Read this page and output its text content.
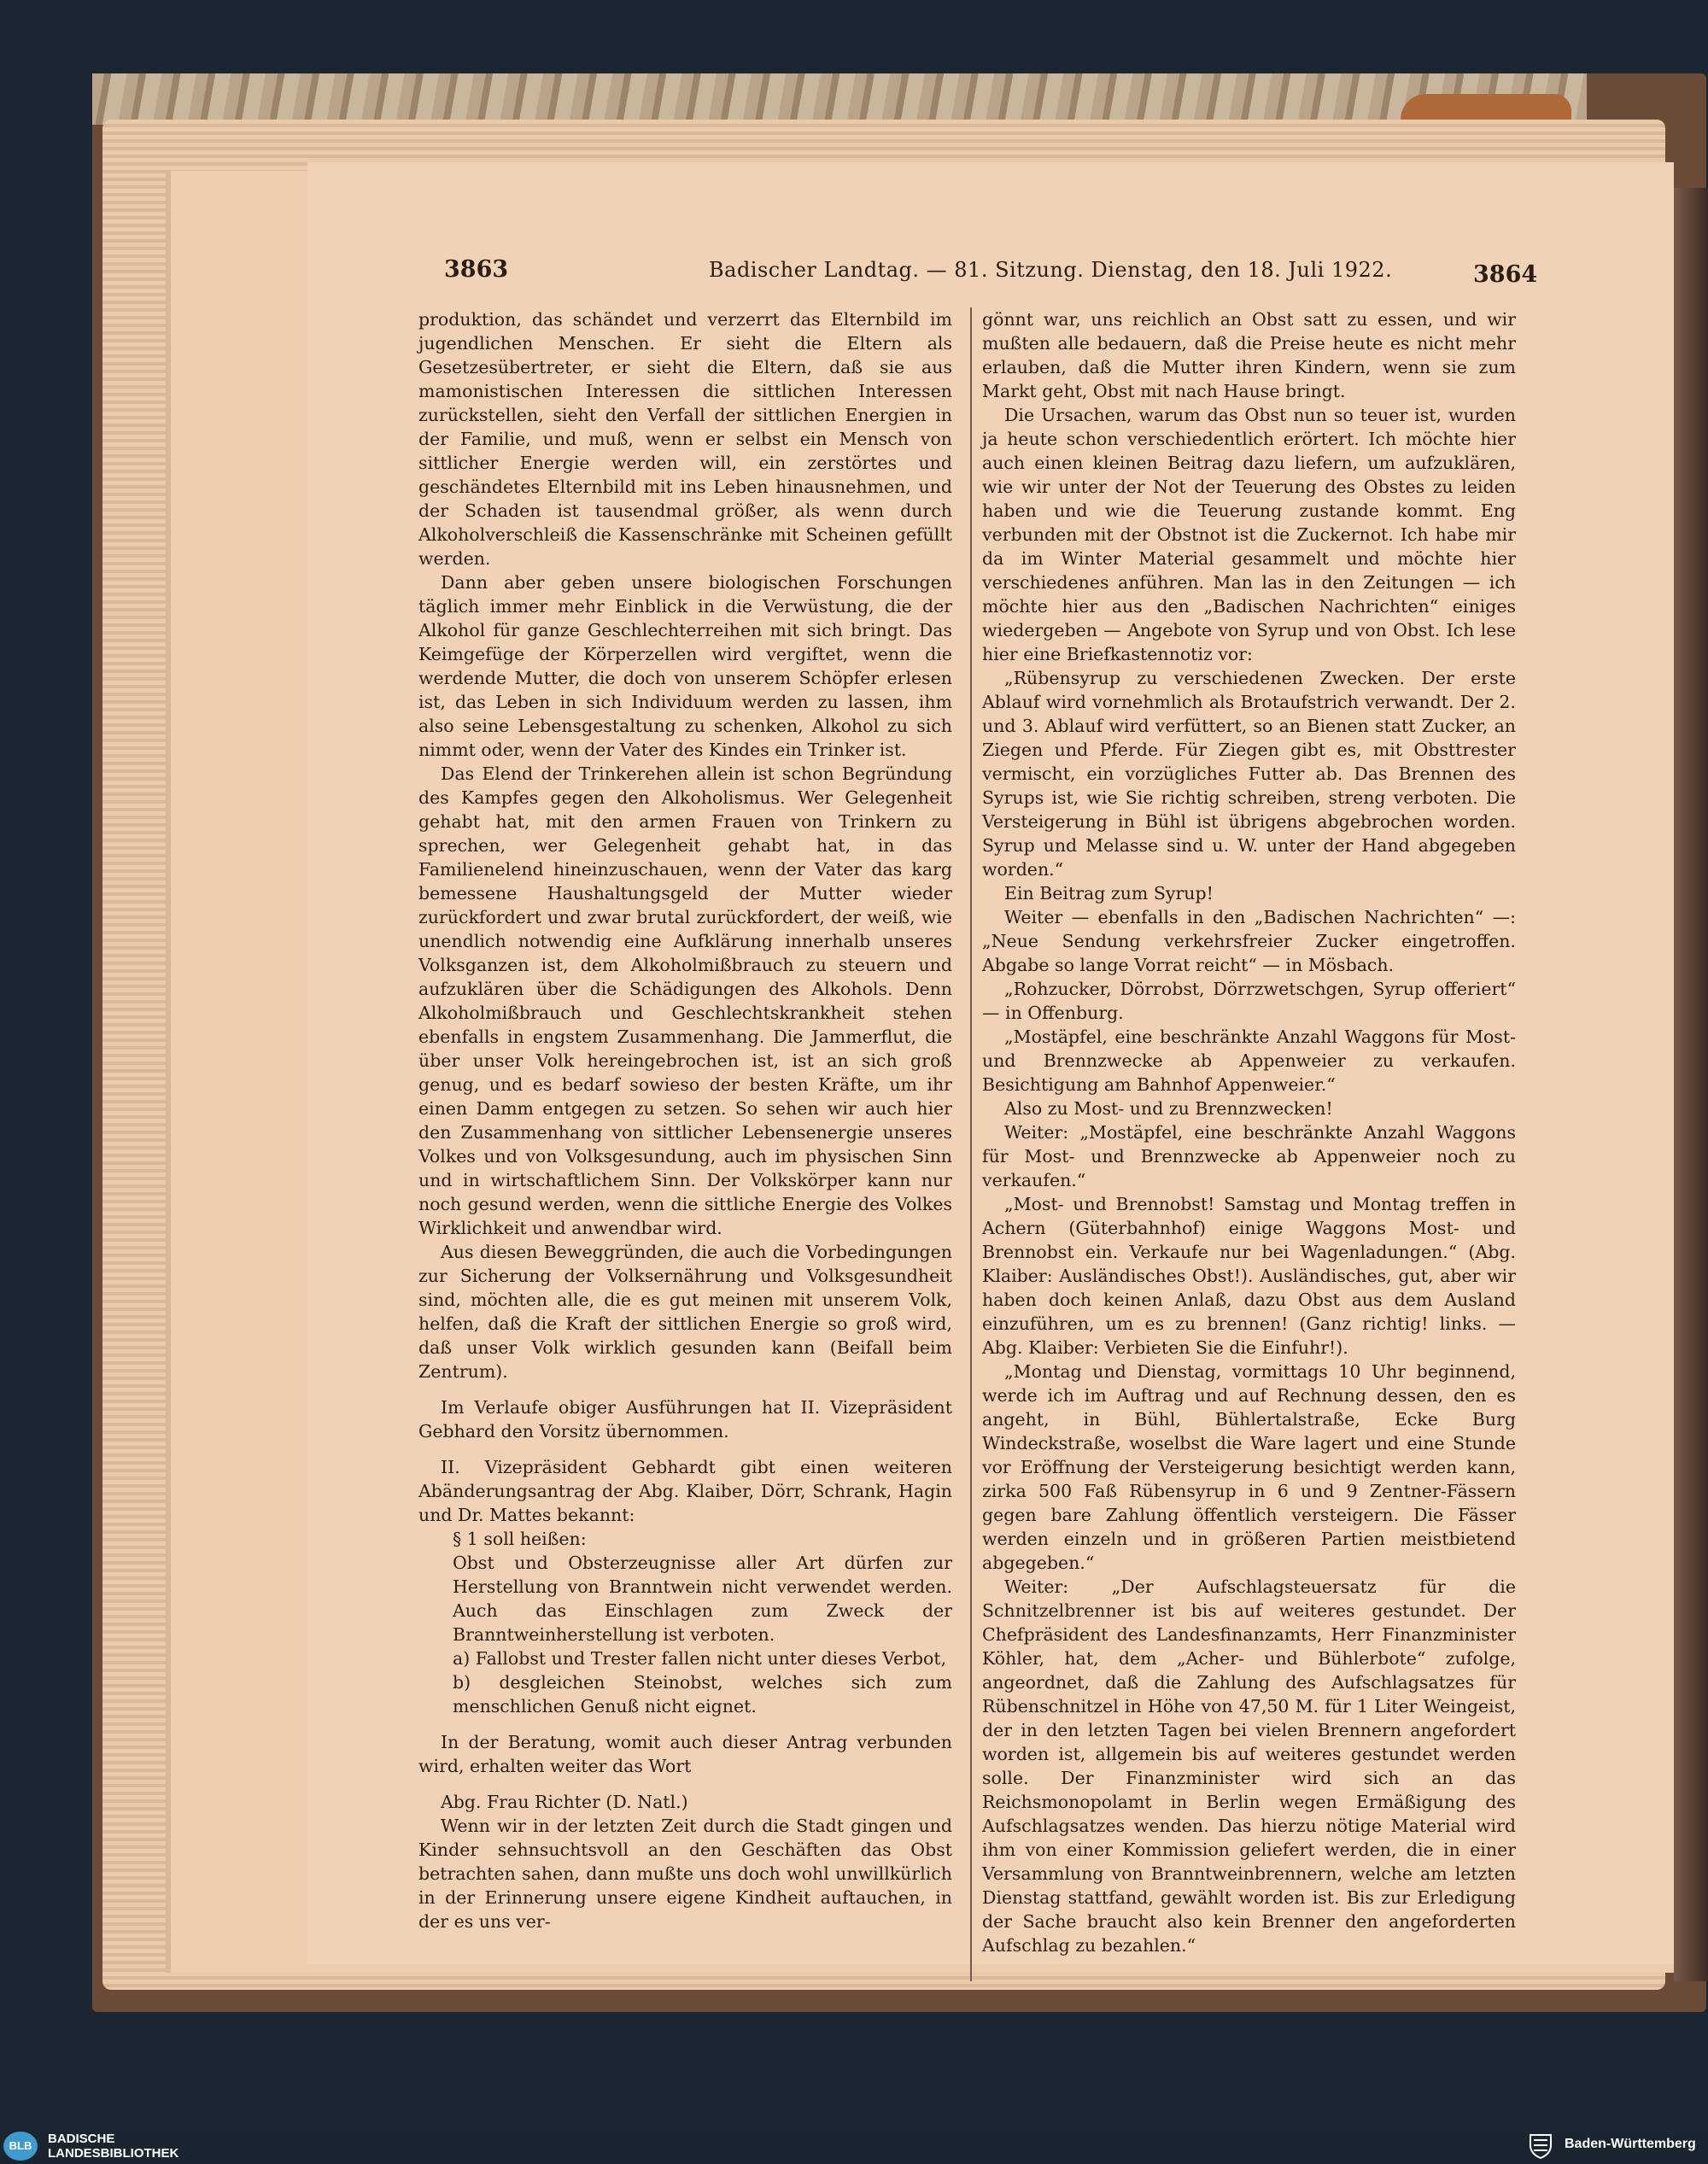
3863	Badischer Landtag. — 81. Sitzung. Dienstag, den 18. Juli 1922.	3864

produktion, das schändet und verzerrt das Elternbild im jugendlichen Menschen. Er sieht die Eltern als Gesetzesübertreter, er sieht die Eltern, daß sie aus mamonistischen Interessen die sittlichen Interessen zurückstellen, sieht den Verfall der sittlichen Energien in der Familie, und muß, wenn er selbst ein Mensch von sittlicher Energie werden will, ein zerstörtes und geschändetes Elternbild mit ins Leben hinausnehmen, und der Schaden ist tausendmal größer, als wenn durch Alkoholverschleiß die Kassenschränke mit Scheinen gefüllt werden.

Dann aber geben unsere biologischen Forschungen täglich immer mehr Einblick in die Verwüstung, die der Alkohol für ganze Geschlechterreihen mit sich bringt. Das Keimgefüge der Körperzellen wird vergiftet, wenn die werdende Mutter, die doch von unserem Schöpfer erlesen ist, das Leben in sich Individuum werden zu lassen, ihm also seine Lebensgestaltung zu schenken, Alkohol zu sich nimmt oder, wenn der Vater des Kindes ein Trinker ist.

Das Elend der Trinkerehen allein ist schon Begründung des Kampfes gegen den Alkoholismus. Wer Gelegenheit gehabt hat, mit den armen Frauen von Trinkern zu sprechen, wer Gelegenheit gehabt hat, in das Familienelend hineinzuschauen, wenn der Vater das karg bemessene Haushaltungsgeld der Mutter wieder zurückfordert und zwar brutal zurückfordert, der weiß, wie unendlich notwendig eine Aufklärung innerhalb unseres Volksganzen ist, dem Alkoholmißbrauch zu steuern und aufzuklären über die Schädigungen des Alkohols. Denn Alkoholmißbrauch und Geschlechtskrankheit stehen ebenfalls in engstem Zusammenhang. Die Jammerflut, die über unser Volk hereingebrochen ist, ist an sich groß genug, und es bedarf sowieso der besten Kräfte, um ihr einen Damm entgegen zu setzen. So sehen wir auch hier den Zusammenhang von sittlicher Lebensenergie unseres Volkes und von Volksgesundung, auch im physischen Sinn und in wirtschaftlichem Sinn. Der Volkskörper kann nur noch gesund werden, wenn die sittliche Energie des Volkes Wirklichkeit und anwendbar wird.

Aus diesen Beweggründen, die auch die Vorbedingungen zur Sicherung der Volksernährung und Volksgesundheit sind, möchten alle, die es gut meinen mit unserem Volk, helfen, daß die Kraft der sittlichen Energie so groß wird, daß unser Volk wirklich gesunden kann (Beifall beim Zentrum).

Im Verlaufe obiger Ausführungen hat II. Vizepräsident Gebhard den Vorsitz übernommen.

II. Vizepräsident Gebhardt gibt einen weiteren Abänderungsantrag der Abg. Klaiber, Dörr, Schrank, Hagin und Dr. Mattes bekannt:

§ 1 soll heißen:

Obst und Obsterzeugnisse aller Art dürfen zur Herstellung von Branntwein nicht verwendet werden. Auch das Einschlagen zum Zweck der Branntweinherstellung ist verboten.

a) Fallobst und Trester fallen nicht unter dieses Verbot,

b) desgleichen Steinobst, welches sich zum menschlichen Genuß nicht eignet.

In der Beratung, womit auch dieser Antrag verbunden wird, erhalten weiter das Wort

Abg. Frau Richter (D. Natl.)

Wenn wir in der letzten Zeit durch die Stadt gingen und Kinder sehnsuchtsvoll an den Geschäften das Obst betrachten sahen, dann mußte uns doch wohl unwillkürlich in der Erinnerung unsere eigene Kindheit auftauchen, in der es uns ver-

gönnt war, uns reichlich an Obst satt zu essen, und wir mußten alle bedauern, daß die Preise heute es nicht mehr erlauben, daß die Mutter ihren Kindern, wenn sie zum Markt geht, Obst mit nach Hause bringt.

Die Ursachen, warum das Obst nun so teuer ist, wurden ja heute schon verschiedentlich erörtert. Ich möchte hier auch einen kleinen Beitrag dazu liefern, um aufzuklären, wie wir unter der Not der Teuerung des Obstes zu leiden haben und wie die Teuerung zustande kommt. Eng verbunden mit der Obstnot ist die Zuckernot. Ich habe mir da im Winter Material gesammelt und möchte hier verschiedenes anführen. Man las in den Zeitungen — ich möchte hier aus den „Badischen Nachrichten“ einiges wiedergeben — Angebote von Syrup und von Obst. Ich lese hier eine Briefkastennotiz vor:

„Rübensyrup zu verschiedenen Zwecken. Der erste Ablauf wird vornehmlich als Brotaufstrich verwandt. Der 2. und 3. Ablauf wird verfüttert, so an Bienen statt Zucker, an Ziegen und Pferde. Für Ziegen gibt es, mit Obsttrester vermischt, ein vorzügliches Futter ab. Das Brennen des Syrups ist, wie Sie richtig schreiben, streng verboten. Die Versteigerung in Bühl ist übrigens abgebrochen worden. Syrup und Melasse sind u. W. unter der Hand abgegeben worden.“

Ein Beitrag zum Syrup!

Weiter — ebenfalls in den „Badischen Nachrichten“ —: „Neue Sendung verkehrsfreier Zucker eingetroffen. Abgabe so lange Vorrat reicht“ — in Mösbach.

„Rohzucker, Dörrobst, Dörrzwetschgen, Syrup offeriert“ — in Offenburg.

„Mostäpfel, eine beschränkte Anzahl Waggons für Most- und Brennzwecke ab Appenweier zu verkaufen. Besichtigung am Bahnhof Appenweier.“

Also zu Most- und zu Brennzwecken!

Weiter: „Mostäpfel, eine beschränkte Anzahl Waggons für Most- und Brennzwecke ab Appenweier noch zu verkaufen.“

„Most- und Brennobst! Samstag und Montag treffen in Achern (Güterbahnhof) einige Waggons Most- und Brennobst ein. Verkaufe nur bei Wagenladungen.“ (Abg. Klaiber: Ausländisches Obst!). Ausländisches, gut, aber wir haben doch keinen Anlaß, dazu Obst aus dem Ausland einzuführen, um es zu brennen! (Ganz richtig! links. — Abg. Klaiber: Verbieten Sie die Einfuhr!).

„Montag und Dienstag, vormittags 10 Uhr beginnend, werde ich im Auftrag und auf Rechnung dessen, den es angeht, in Bühl, Bühlertalstraße, Ecke Burg Windeckstraße, woselbst die Ware lagert und eine Stunde vor Eröffnung der Versteigerung besichtigt werden kann, zirka 500 Faß Rübensyrup in 6 und 9 Zentner-Fässern gegen bare Zahlung öffentlich versteigern. Die Fässer werden einzeln und in größeren Partien meistbietend abgegeben.“

Weiter: „Der Aufschlagsteuersatz für die Schnitzelbrenner ist bis auf weiteres gestundet. Der Chefpräsident des Landesfinanzamts, Herr Finanzminister Köhler, hat, dem „Acher- und Bühlerbote“ zufolge, angeordnet, daß die Zahlung des Aufschlagsatzes für Rübenschnitzel in Höhe von 47,50 M. für 1 Liter Weingeist, der in den letzten Tagen bei vielen Brennern angefordert worden ist, allgemein bis auf weiteres gestundet werden solle. Der Finanzminister wird sich an das Reichsmonopolamt in Berlin wegen Ermäßigung des Aufschlagsatzes wenden. Das hierzu nötige Material wird ihm von einer Kommission geliefert werden, die in einer Versammlung von Branntweinbrennern, welche am letzten Dienstag stattfand, gewählt worden ist. Bis zur Erledigung der Sache braucht also kein Brenner den angeforderten Aufschlag zu bezahlen.“

BLB	BADISCHE
LANDESBIBLIOTHEK
Baden-Württemberg
